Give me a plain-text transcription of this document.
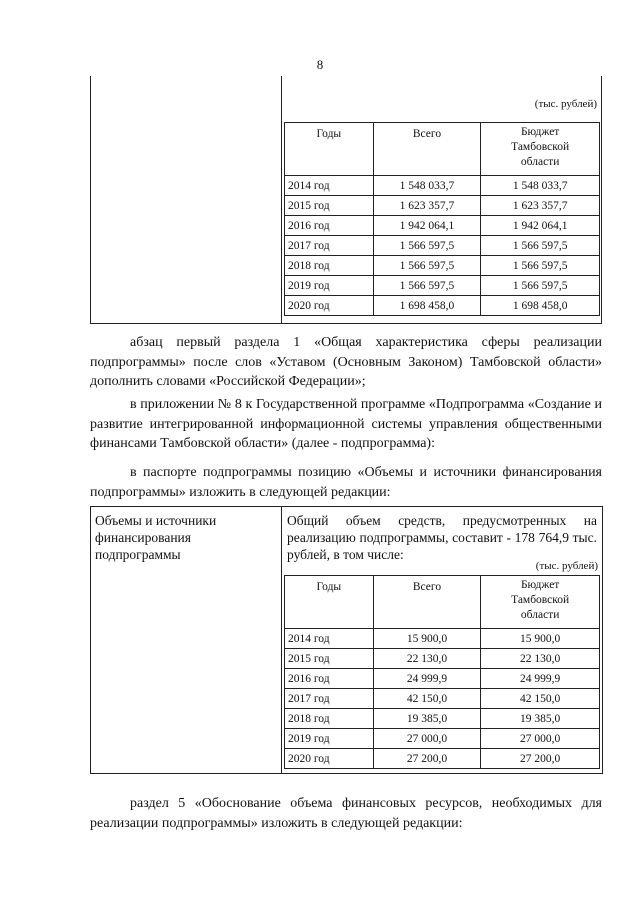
8
(тыс. рублей)
Годы	Всего	Бюджет
Тамбовской
области

2014 год	1 548 033,7	1 548 033,7
2015 год	1 623 357,7	1 623 357,7
2016 год	1 942 064,1	1 942 064,1
2017 год	1 566 597,5	1 566 597,5
2018 год	1 566 597,5	1 566 597,5
2019 год	1 566 597,5	1 566 597,5
2020 год	1 698 458,0	1 698 458,0
абзац первый раздела 1 «Общая характеристика сферы реализации подпрограммы» после слов «Уставом (Основным Законом) Тамбовской области» дополнить словами «Российской Федерации»;
в приложении № 8 к Государственной программе «Подпрограмма «Создание и развитие интегрированной информационной системы управления общественными финансами Тамбовской области» (далее - подпрограмма):
в паспорте подпрограммы позицию «Объемы и источники финансирования подпрограммы» изложить в следующей редакции:
Объемы и источники финансирования подпрограммы
Общий объем средств, предусмотренных на реализацию подпрограммы, составит - 178 764,9 тыс. рублей, в том числе:
(тыс. рублей)
Годы	Всего	Бюджет
Тамбовской
области

2014 год	15 900,0	15 900,0
2015 год	22 130,0	22 130,0
2016 год	24 999,9	24 999,9
2017 год	42 150,0	42 150,0
2018 год	19 385,0	19 385,0
2019 год	27 000,0	27 000,0
2020 год	27 200,0	27 200,0
раздел 5 «Обоснование объема финансовых ресурсов, необходимых для реализации подпрограммы» изложить в следующей редакции:
